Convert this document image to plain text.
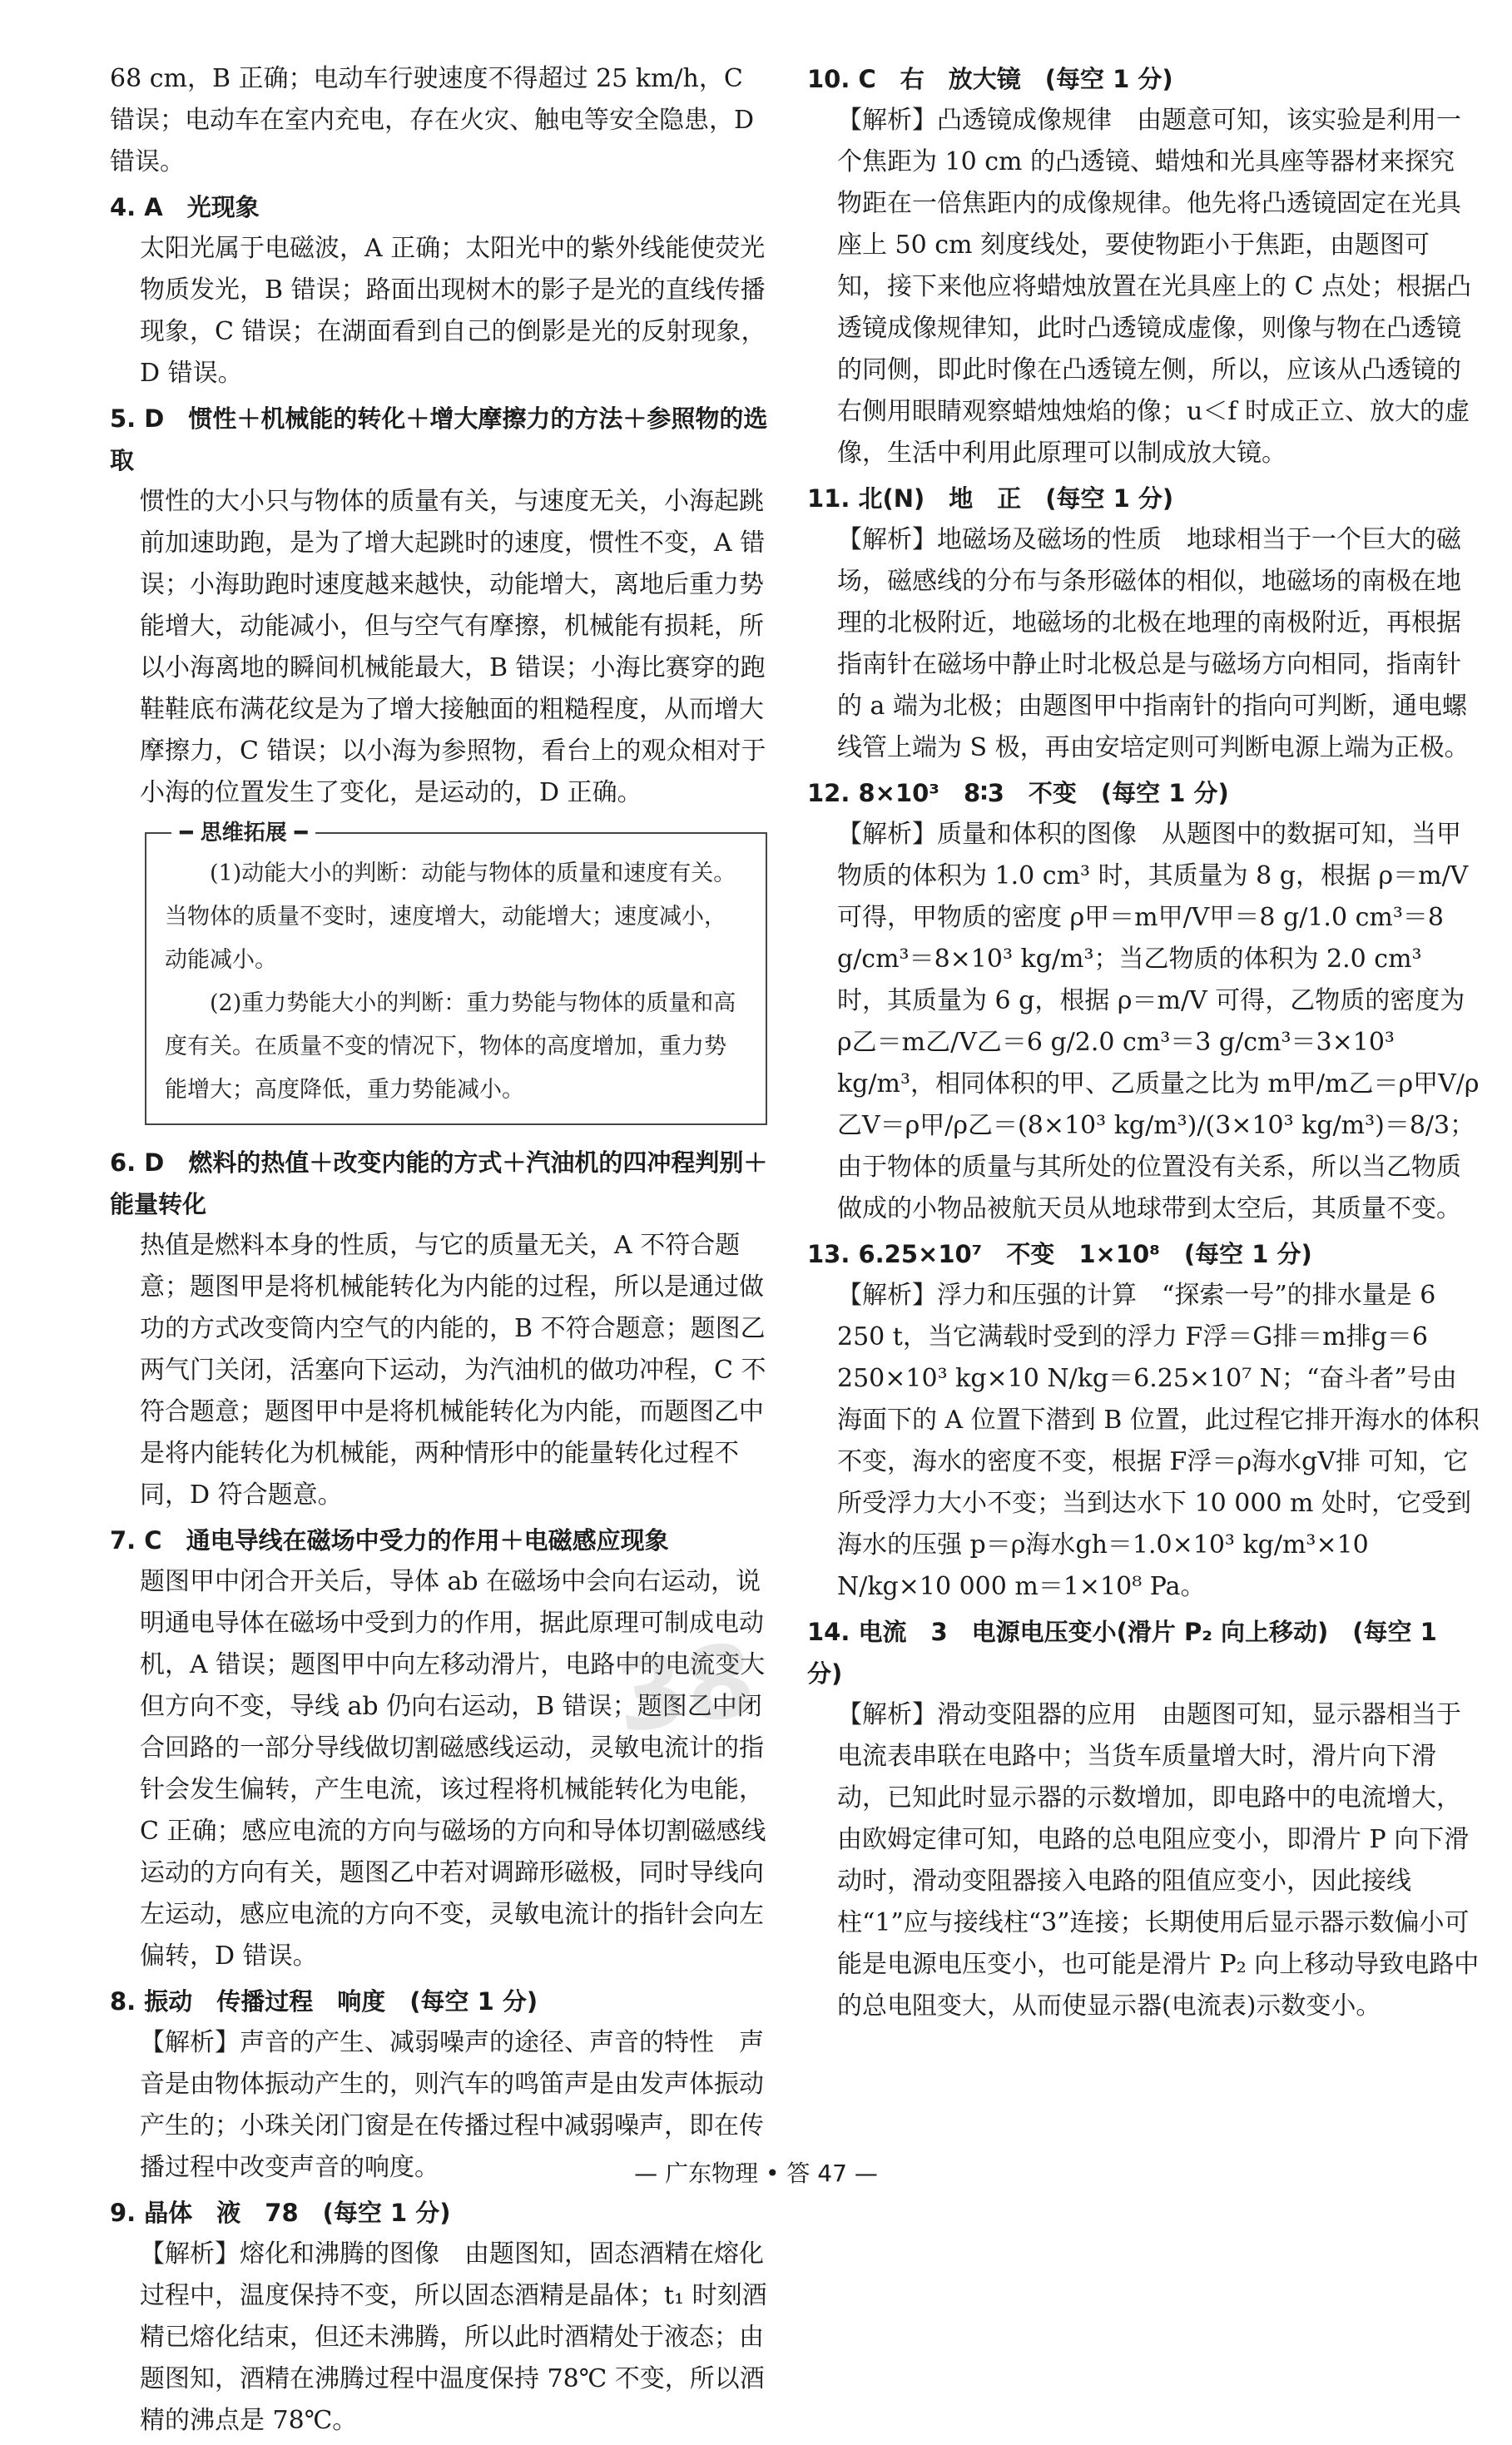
68 cm，B 正确；电动车行驶速度不得超过 25 km/h，C 错误；电动车在室内充电，存在火灾、触电等安全隐患，D 错误。
4. A　光现象
太阳光属于电磁波，A 正确；太阳光中的紫外线能使荧光物质发光，B 错误；路面出现树木的影子是光的直线传播现象，C 错误；在湖面看到自己的倒影是光的反射现象，D 错误。
5. D　惯性＋机械能的转化＋增大摩擦力的方法＋参照物的选取
惯性的大小只与物体的质量有关，与速度无关，小海起跳前加速助跑，是为了增大起跳时的速度，惯性不变，A 错误；小海助跑时速度越来越快，动能增大，离地后重力势能增大，动能减小，但与空气有摩擦，机械能有损耗，所以小海离地的瞬间机械能最大，B 错误；小海比赛穿的跑鞋鞋底布满花纹是为了增大接触面的粗糙程度，从而增大摩擦力，C 错误；以小海为参照物，看台上的观众相对于小海的位置发生了变化，是运动的，D 正确。
━ 思维拓展 ━

(1)动能大小的判断：动能与物体的质量和速度有关。当物体的质量不变时，速度增大，动能增大；速度减小，动能减小。

(2)重力势能大小的判断：重力势能与物体的质量和高度有关。在质量不变的情况下，物体的高度增加，重力势能增大；高度降低，重力势能减小。

6. D　燃料的热值＋改变内能的方式＋汽油机的四冲程判别＋能量转化
热值是燃料本身的性质，与它的质量无关，A 不符合题意；题图甲是将机械能转化为内能的过程，所以是通过做功的方式改变筒内空气的内能的，B 不符合题意；题图乙两气门关闭，活塞向下运动，为汽油机的做功冲程，C 不符合题意；题图甲中是将机械能转化为内能，而题图乙中是将内能转化为机械能，两种情形中的能量转化过程不同，D 符合题意。
7. C　通电导线在磁场中受力的作用＋电磁感应现象
题图甲中闭合开关后，导体 ab 在磁场中会向右运动，说明通电导体在磁场中受到力的作用，据此原理可制成电动机，A 错误；题图甲中向左移动滑片，电路中的电流变大但方向不变，导线 ab 仍向右运动，B 错误；题图乙中闭合回路的一部分导线做切割磁感线运动，灵敏电流计的指针会发生偏转，产生电流，该过程将机械能转化为电能，C 正确；感应电流的方向与磁场的方向和导体切割磁感线运动的方向有关，题图乙中若对调蹄形磁极，同时导线向左运动，感应电流的方向不变，灵敏电流计的指针会向左偏转，D 错误。
8. 振动　传播过程　响度　(每空 1 分)
【解析】声音的产生、减弱噪声的途径、声音的特性　声音是由物体振动产生的，则汽车的鸣笛声是由发声体振动产生的；小珠关闭门窗是在传播过程中减弱噪声，即在传播过程中改变声音的响度。
9. 晶体　液　78　(每空 1 分)
【解析】熔化和沸腾的图像　由题图知，固态酒精在熔化过程中，温度保持不变，所以固态酒精是晶体；t₁ 时刻酒精已熔化结束，但还未沸腾，所以此时酒精处于液态；由题图知，酒精在沸腾过程中温度保持 78℃ 不变，所以酒精的沸点是 78℃。
10. C　右　放大镜　(每空 1 分)
【解析】凸透镜成像规律　由题意可知，该实验是利用一个焦距为 10 cm 的凸透镜、蜡烛和光具座等器材来探究物距在一倍焦距内的成像规律。他先将凸透镜固定在光具座上 50 cm 刻度线处，要使物距小于焦距，由题图可知，接下来他应将蜡烛放置在光具座上的 C 点处；根据凸透镜成像规律知，此时凸透镜成虚像，则像与物在凸透镜的同侧，即此时像在凸透镜左侧，所以，应该从凸透镜的右侧用眼睛观察蜡烛烛焰的像；u＜f 时成正立、放大的虚像，生活中利用此原理可以制成放大镜。
11. 北(N)　地　正　(每空 1 分)
【解析】地磁场及磁场的性质　地球相当于一个巨大的磁场，磁感线的分布与条形磁体的相似，地磁场的南极在地理的北极附近，地磁场的北极在地理的南极附近，再根据指南针在磁场中静止时北极总是与磁场方向相同，指南针的 a 端为北极；由题图甲中指南针的指向可判断，通电螺线管上端为 S 极，再由安培定则可判断电源上端为正极。
12. 8×10³　8∶3　不变　(每空 1 分)
【解析】质量和体积的图像　从题图中的数据可知，当甲物质的体积为 1.0 cm³ 时，其质量为 8 g，根据 ρ＝m/V 可得，甲物质的密度 ρ甲＝m甲/V甲＝8 g/1.0 cm³＝8 g/cm³＝8×10³ kg/m³；当乙物质的体积为 2.0 cm³ 时，其质量为 6 g，根据 ρ＝m/V 可得，乙物质的密度为 ρ乙＝m乙/V乙＝6 g/2.0 cm³＝3 g/cm³＝3×10³ kg/m³，相同体积的甲、乙质量之比为 m甲/m乙＝ρ甲V/ρ乙V＝ρ甲/ρ乙＝(8×10³ kg/m³)/(3×10³ kg/m³)＝8/3；由于物体的质量与其所处的位置没有关系，所以当乙物质做成的小物品被航天员从地球带到太空后，其质量不变。
13. 6.25×10⁷　不变　1×10⁸　(每空 1 分)
【解析】浮力和压强的计算　“探索一号”的排水量是 6 250 t，当它满载时受到的浮力 F浮＝G排＝m排g＝6 250×10³ kg×10 N/kg＝6.25×10⁷ N；“奋斗者”号由海面下的 A 位置下潜到 B 位置，此过程它排开海水的体积不变，海水的密度不变，根据 F浮＝ρ海水gV排 可知，它所受浮力大小不变；当到达水下 10 000 m 处时，它受到海水的压强 p＝ρ海水gh＝1.0×10³ kg/m³×10 N/kg×10 000 m＝1×10⁸ Pa。
14. 电流　3　电源电压变小(滑片 P₂ 向上移动)　(每空 1 分)
【解析】滑动变阻器的应用　由题图可知，显示器相当于电流表串联在电路中；当货车质量增大时，滑片向下滑动，已知此时显示器的示数增加，即电路中的电流增大，由欧姆定律可知，电路的总电阻应变小，即滑片 P 向下滑动时，滑动变阻器接入电路的阻值应变小，因此接线柱“1”应与接线柱“3”连接；长期使用后显示器示数偏小可能是电源电压变小，也可能是滑片 P₂ 向上移动导致电路中的总电阻变大，从而使显示器(电流表)示数变小。
38
— 广东物理 • 答 47 —
